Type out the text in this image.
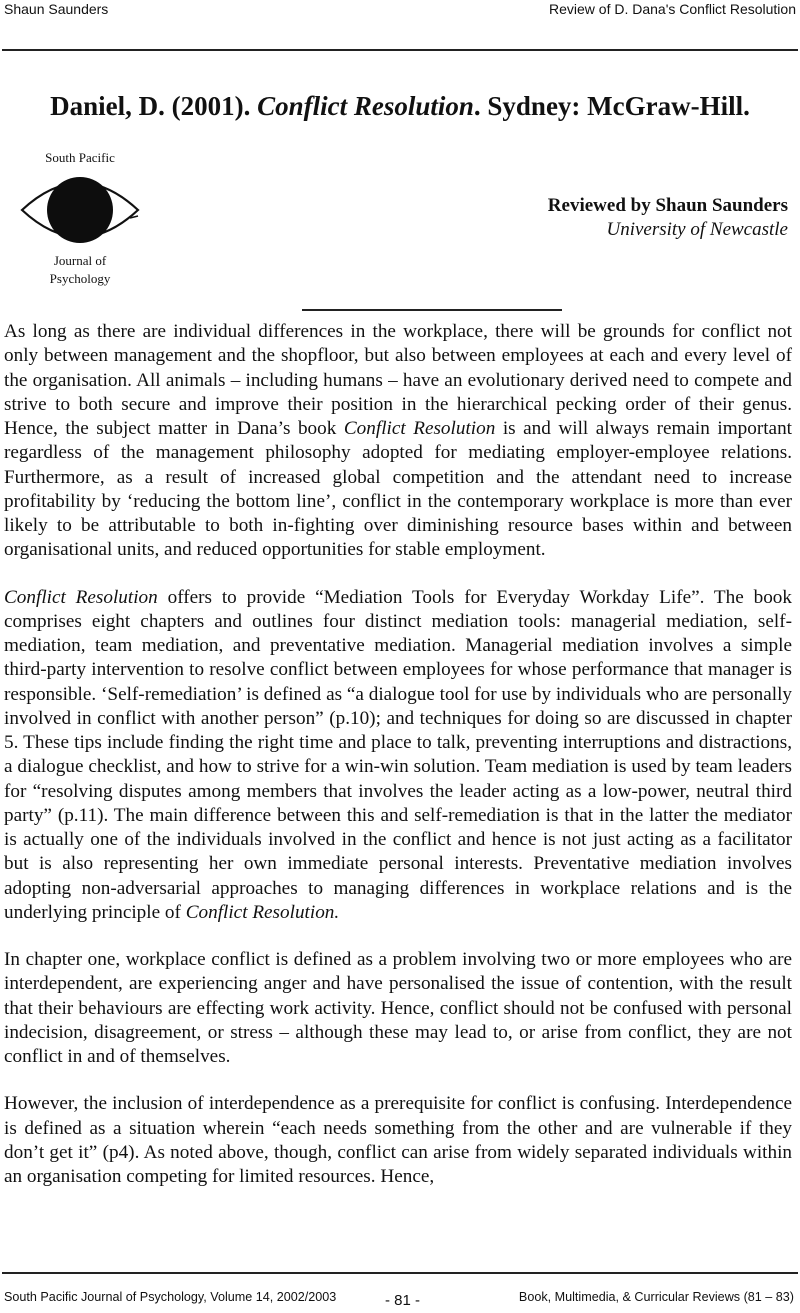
Shaun Saunders	Review of D. Dana's Conflict Resolution
Daniel, D. (2001). Conflict Resolution. Sydney: McGraw-Hill.
South Pacific
Journal of
Psychology
Reviewed by Shaun Saunders
University of Newcastle

As long as there are individual differences in the workplace, there will be grounds for conflict not only between management and the shopfloor, but also between employees at each and every level of the organisation. All animals – including humans – have an evolutionary derived need to compete and strive to both secure and improve their position in the hierarchical pecking order of their genus. Hence, the subject matter in Dana’s book Conflict Resolution is and will always remain important regardless of the management philosophy adopted for mediating employer-employee relations. Furthermore, as a result of increased global competition and the attendant need to increase profitability by ‘reducing the bottom line’, conflict in the contemporary workplace is more than ever likely to be attributable to both in-fighting over diminishing resource bases within and between organisational units, and reduced opportunities for stable employment.

Conflict Resolution offers to provide “Mediation Tools for Everyday Workday Life”. The book comprises eight chapters and outlines four distinct mediation tools: managerial mediation, self-mediation, team mediation, and preventative mediation. Managerial mediation involves a simple third-party intervention to resolve conflict between employees for whose performance that manager is responsible. ‘Self-remediation’ is defined as “a dialogue tool for use by individuals who are personally involved in conflict with another person” (p.10); and techniques for doing so are discussed in chapter 5. These tips include finding the right time and place to talk, preventing interruptions and distractions, a dialogue checklist, and how to strive for a win-win solution. Team mediation is used by team leaders for “resolving disputes among members that involves the leader acting as a low-power, neutral third party” (p.11). The main difference between this and self-remediation is that in the latter the mediator is actually one of the individuals involved in the conflict and hence is not just acting as a facilitator but is also representing her own immediate personal interests. Preventative mediation involves adopting non-adversarial approaches to managing differences in workplace relations and is the underlying principle of Conflict Resolution.

In chapter one, workplace conflict is defined as a problem involving two or more employees who are interdependent, are experiencing anger and have personalised the issue of contention, with the result that their behaviours are effecting work activity. Hence, conflict should not be confused with personal indecision, disagreement, or stress – although these may lead to, or arise from conflict, they are not conflict in and of themselves.

However, the inclusion of interdependence as a prerequisite for conflict is confusing. Interdependence is defined as a situation wherein “each needs something from the other and are vulnerable if they don’t get it” (p4). As noted above, though, conflict can arise from widely separated individuals within an organisation competing for limited resources. Hence,

South Pacific Journal of Psychology, Volume 14, 2002/2003	- 81 -	Book, Multimedia, & Curricular Reviews (81 – 83)
